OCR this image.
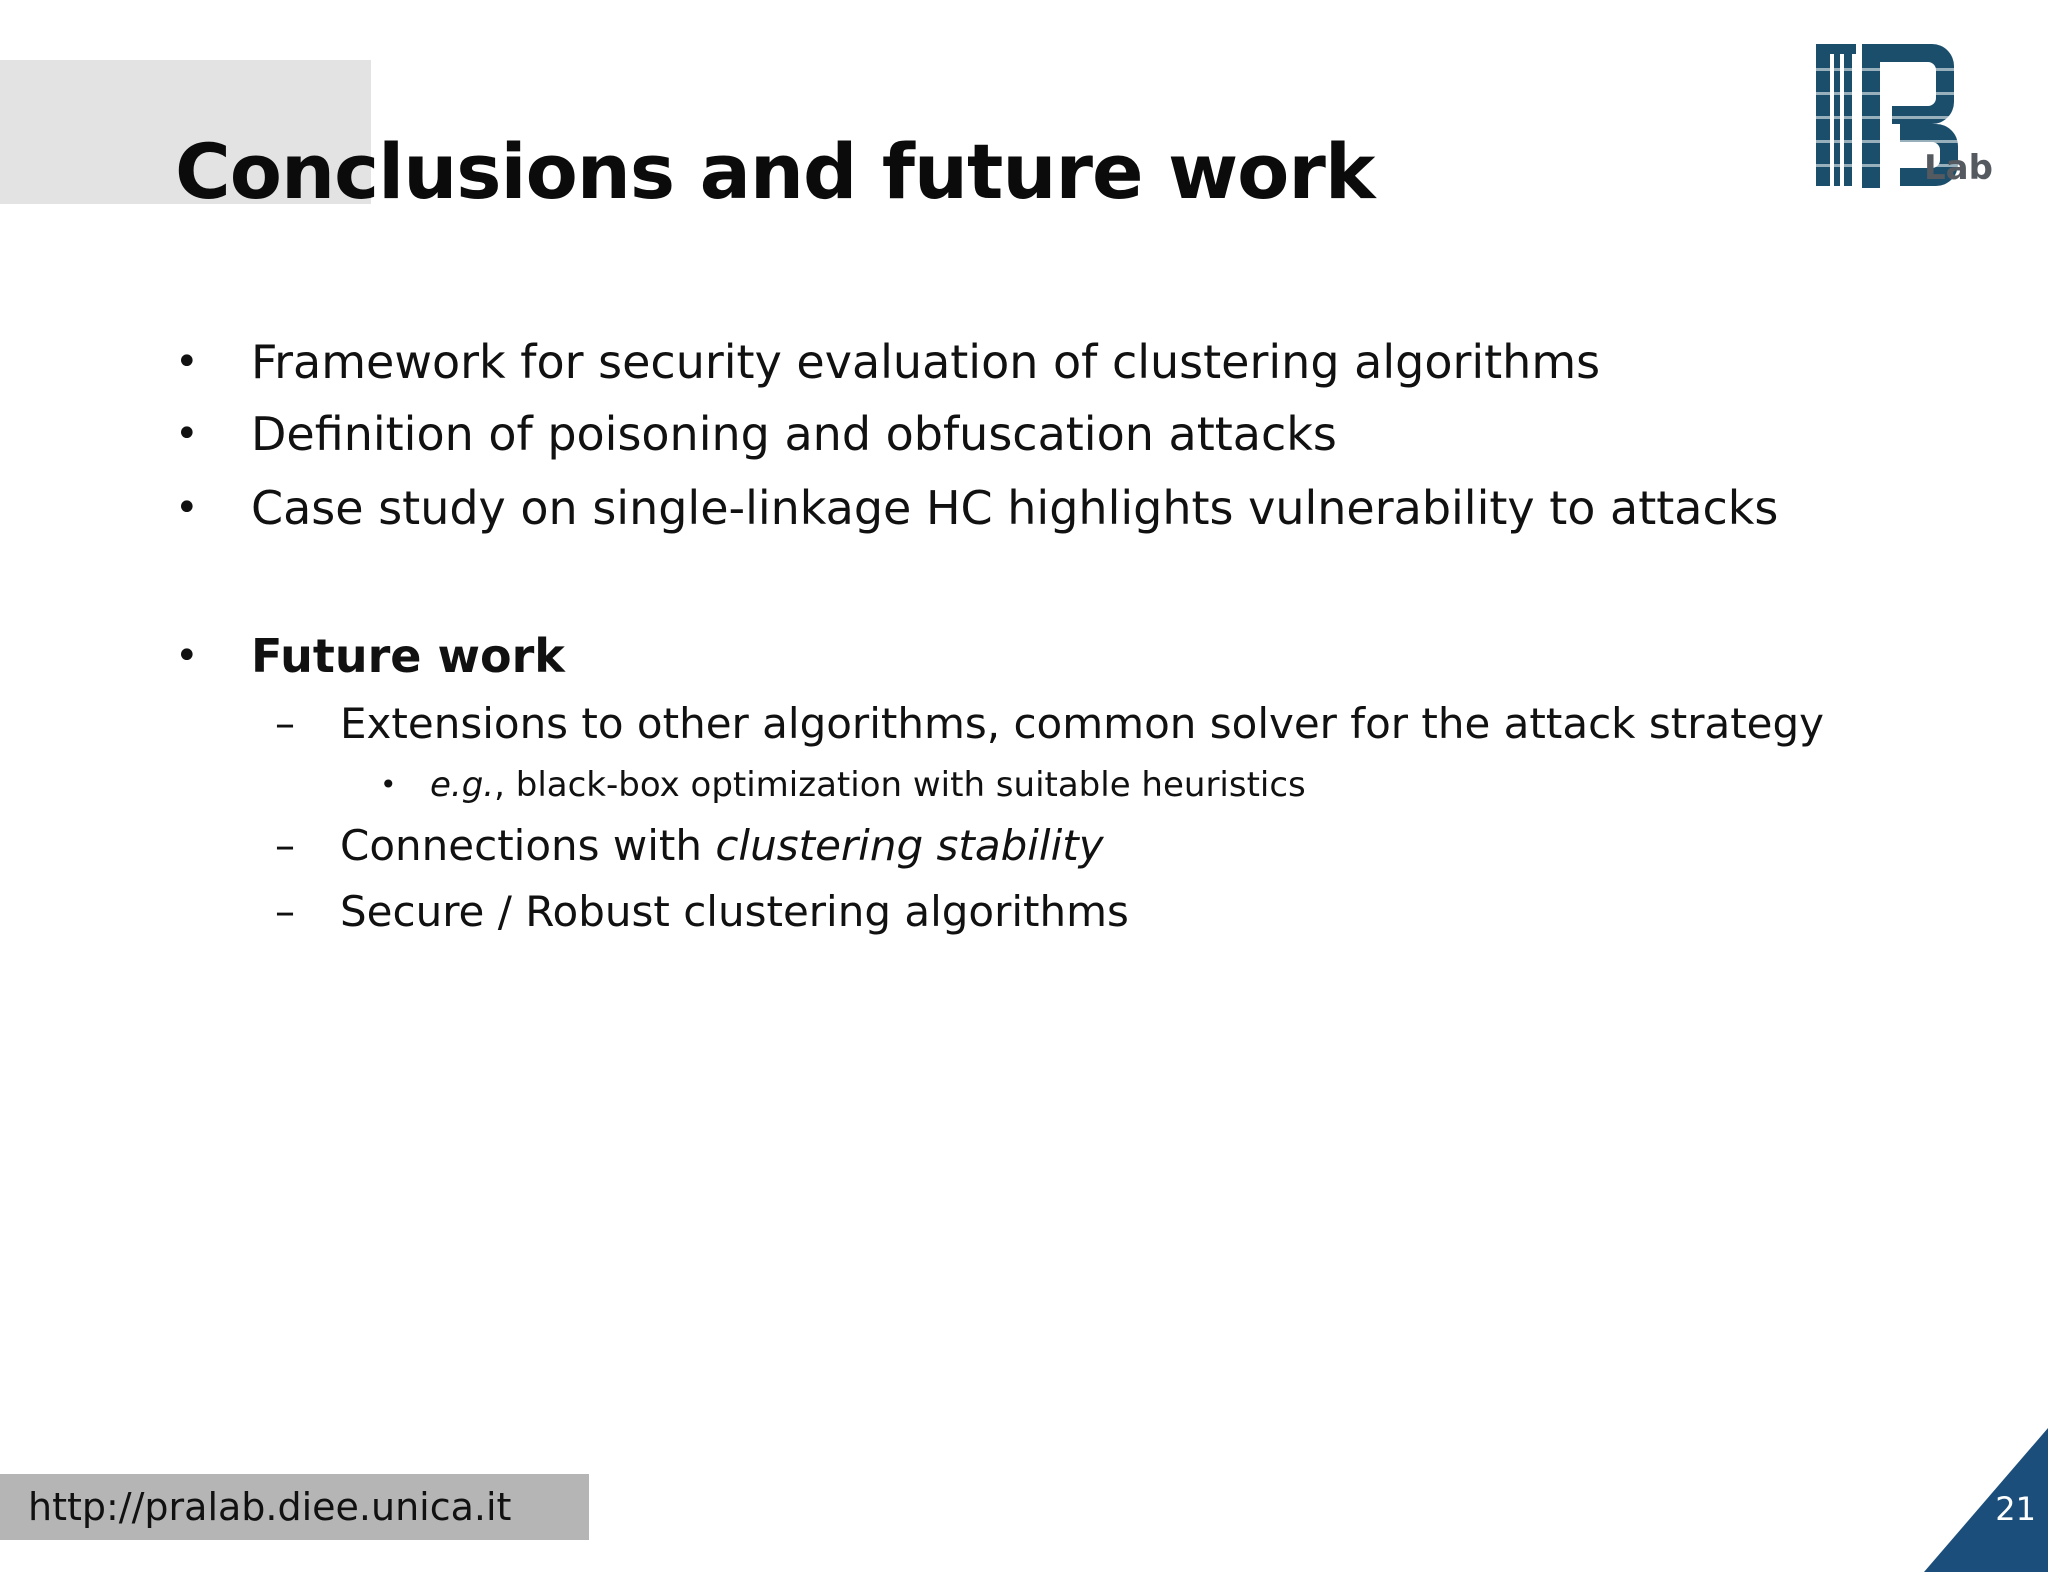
Conclusions and future work	Lab
• Framework for security evaluation of clustering algorithms
• Definition of poisoning and obfuscation attacks
• Case study on single-linkage HC highlights vulnerability to attacks
• Future work
– Extensions to other algorithms, common solver for the attack strategy
• e.g., black-box optimization with suitable heuristics
– Connections with clustering stability
– Secure / Robust clustering algorithms
http://pralab.diee.unica.it	21
